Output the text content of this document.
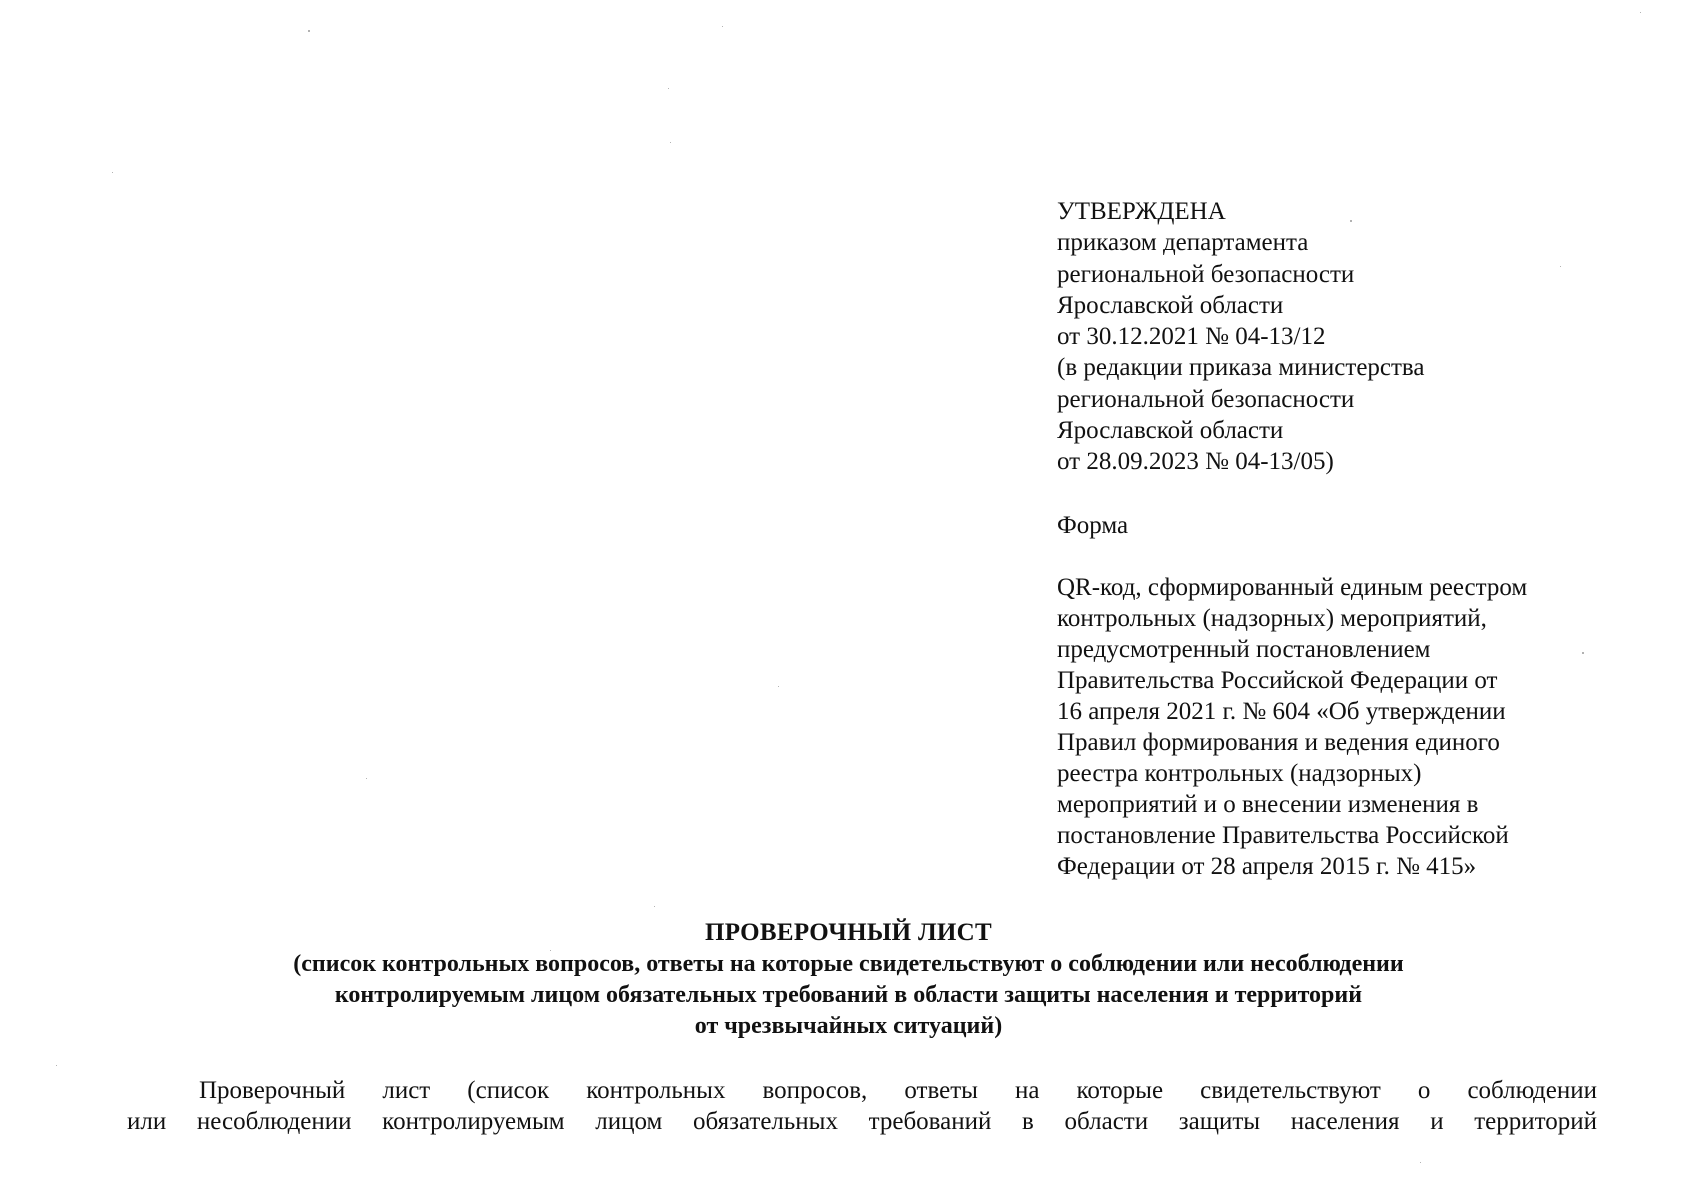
УТВЕРЖДЕНА
приказом департамента
региональной безопасности
Ярославской области
от 30.12.2021 № 04-13/12
(в редакции приказа министерства
региональной безопасности
Ярославской области
от 28.09.2023 № 04-13/05)
Форма
QR-код, сформированный единым реестром
контрольных (надзорных) мероприятий,
предусмотренный постановлением
Правительства Российской Федерации от
16 апреля 2021 г. № 604 «Об утверждении
Правил формирования и ведения единого
реестра контрольных (надзорных)
мероприятий и о внесении изменения в
постановление Правительства Российской
Федерации от 28 апреля 2015 г. № 415»
ПРОВЕРОЧНЫЙ ЛИСТ
(список контрольных вопросов, ответы на которые свидетельствуют о соблюдении или несоблюдении
контролируемым лицом обязательных требований в области защиты населения и территорий
от чрезвычайных ситуаций)
Проверочный лист (список контрольных вопросов, ответы на которые свидетельствуют о соблюдении
или несоблюдении контролируемым лицом обязательных требований в области защиты населения и территорий
